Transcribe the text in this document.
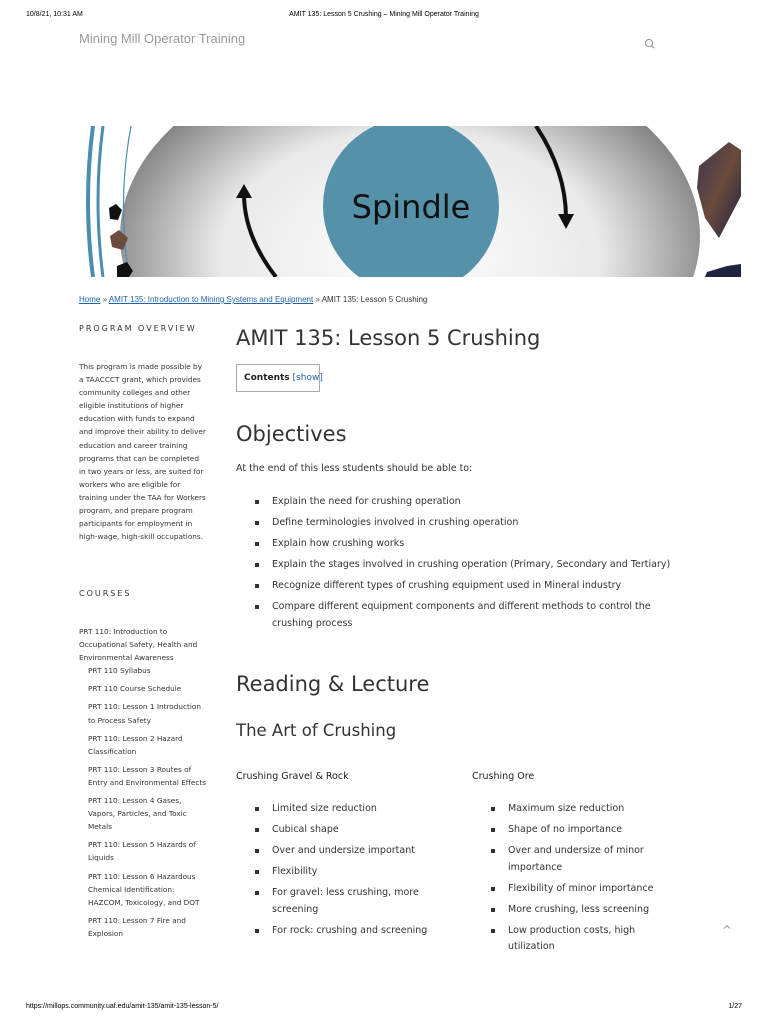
10/8/21, 10:31 AM	AMIT 135: Lesson 5 Crushing – Mining Mill Operator Training
Mining Mill Operator Training
Spindle
Home » AMIT 135: Introduction to Mining Systems and Equipment » AMIT 135: Lesson 5 Crushing
PROGRAM OVERVIEW
This program is made possible by a TAACCCT grant, which provides community colleges and other eligible institutions of higher education with funds to expand and improve their ability to deliver education and career training programs that can be completed in two years or less, are suited for workers who are eligible for training under the TAA for Workers program, and prepare program participants for employment in high-wage, high-skill occupations.
COURSES
PRT 110: Introduction to Occupational Safety, Health and Environmental Awareness
PRT 110 Syllabus
PRT 110 Course Schedule
PRT 110: Lesson 1 Introduction to Process Safety
PRT 110: Lesson 2 Hazard Classification
PRT 110: Lesson 3 Routes of Entry and Environmental Effects
PRT 110: Lesson 4 Gases, Vapors, Particles, and Toxic Metals
PRT 110: Lesson 5 Hazards of Liquids
PRT 110: Lesson 6 Hazardous Chemical Identification: HAZCOM, Toxicology, and DOT
PRT 110: Lesson 7 Fire and Explosion
AMIT 135: Lesson 5 Crushing
Contents [show]
Objectives

At the end of this less students should be able to:

Explain the need for crushing operation
Define terminologies involved in crushing operation
Explain how crushing works
Explain the stages involved in crushing operation (Primary, Secondary and Tertiary)
Recognize different types of crushing equipment used in Mineral industry
Compare different equipment components and different methods to control the crushing process
Reading & Lecture
The Art of Crushing
Crushing Gravel & Rock
Limited size reduction
Cubical shape
Over and undersize important
Flexibility
For gravel: less crushing, more screening
For rock: crushing and screening
Crushing Ore
Maximum size reduction
Shape of no importance
Over and undersize of minor importance
Flexibility of minor importance
More crushing, less screening
Low production costs, high utilization
https://millops.community.uaf.edu/amit-135/amit-135-lesson-5/	1/27
